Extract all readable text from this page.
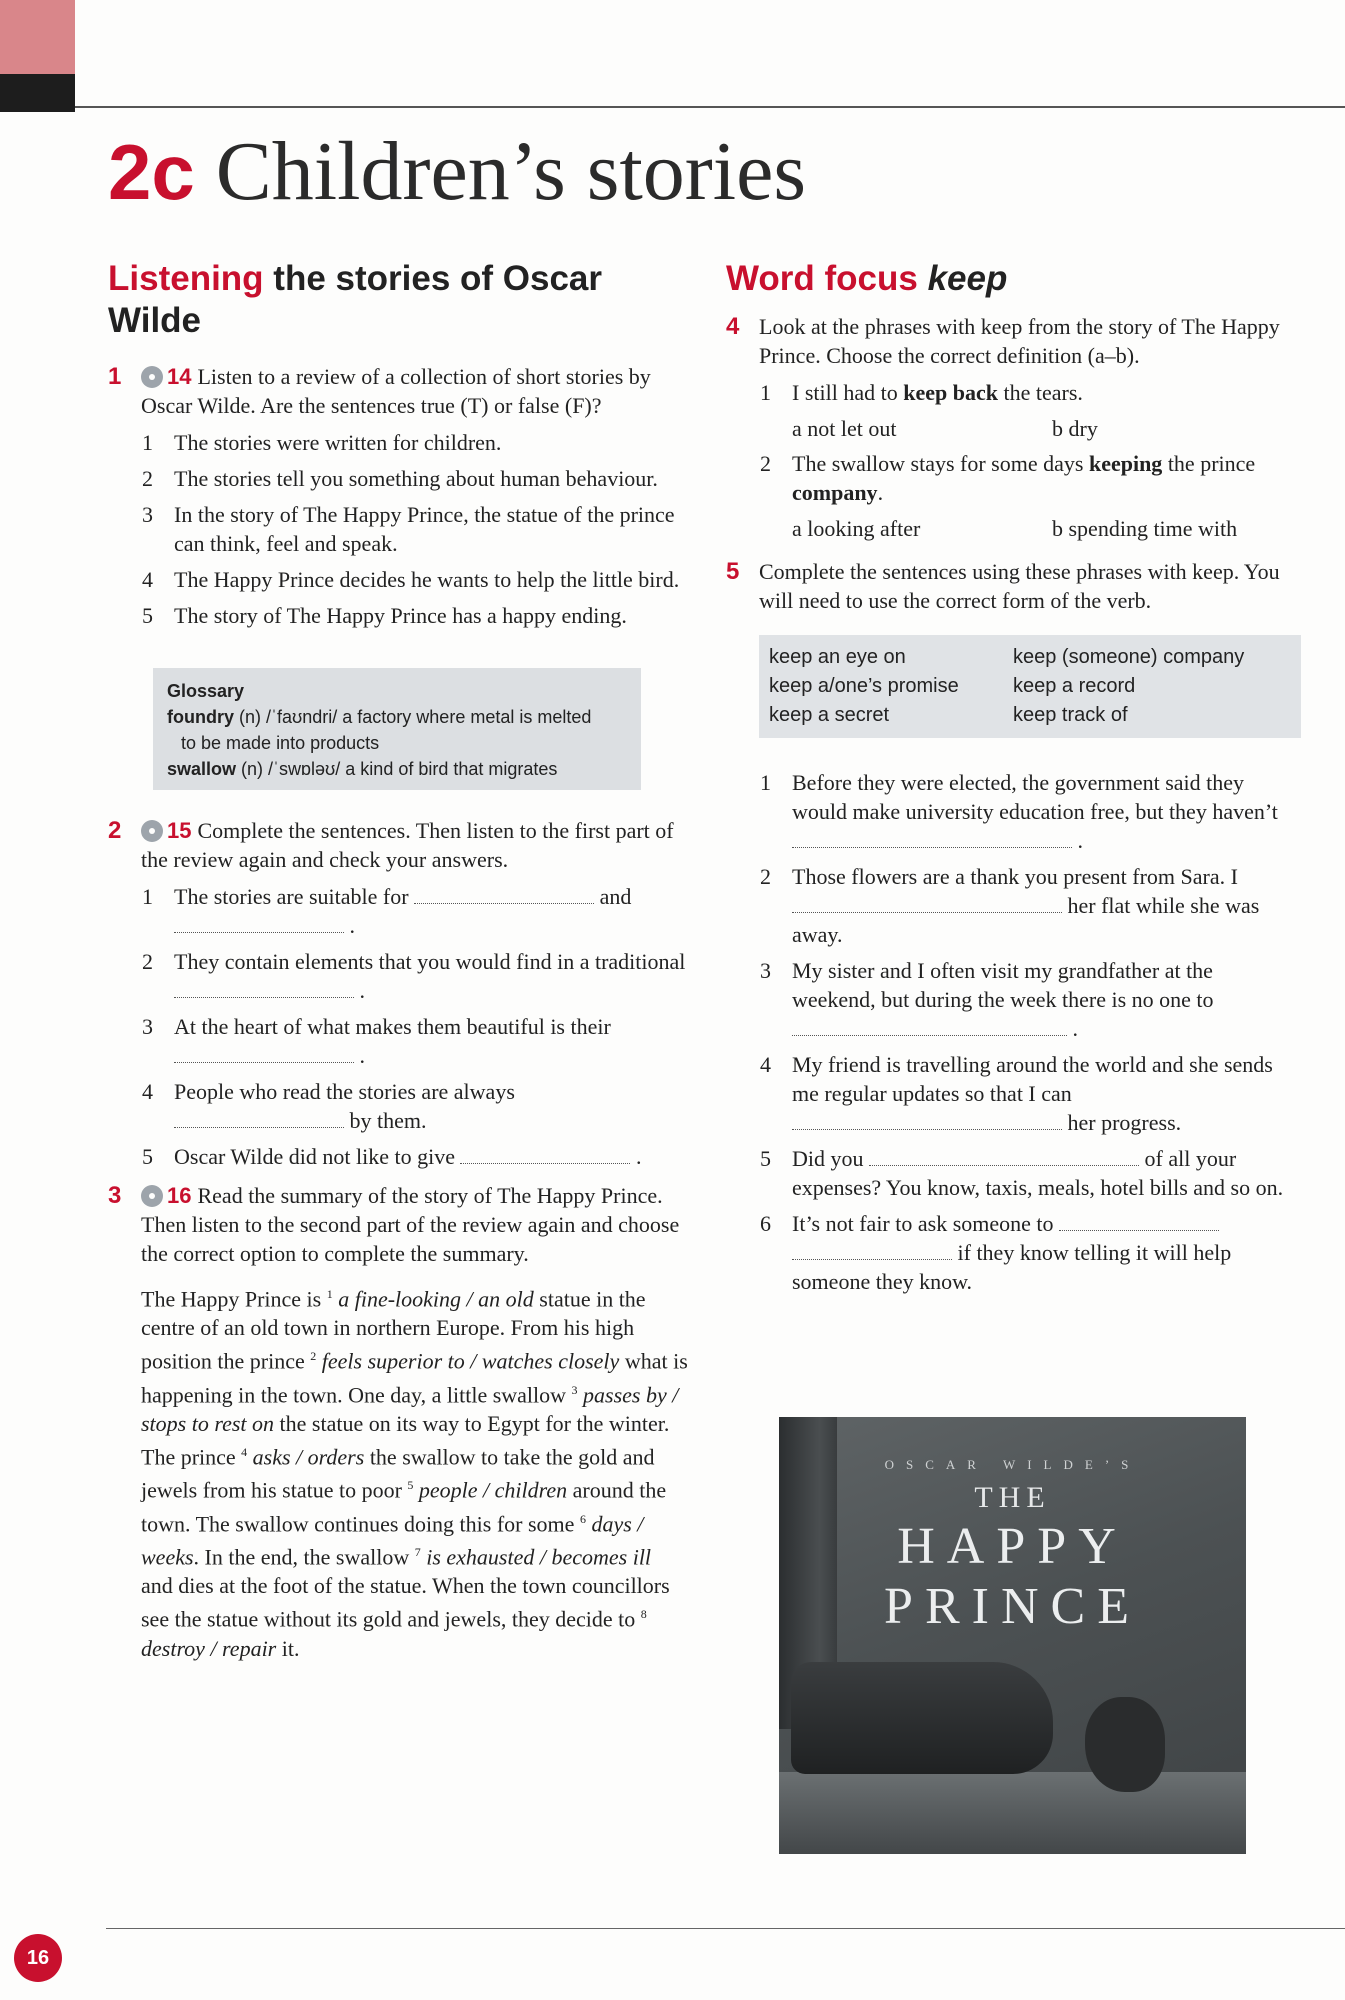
2c Children’s stories
Listening the stories of Oscar Wilde
1 14 Listen to a review of a collection of short stories by Oscar Wilde. Are the sentences true (T) or false (F)?
1 The stories were written for children.
2 The stories tell you something about human behaviour.
3 In the story of The Happy Prince, the statue of the prince can think, feel and speak.
4 The Happy Prince decides he wants to help the little bird.
5 The story of The Happy Prince has a happy ending.
Glossary
foundry (n) /ˈfaʊndri/ a factory where metal is melted
to be made into products
swallow (n) /ˈswɒləʊ/ a kind of bird that migrates
2 15 Complete the sentences. Then listen to the first part of the review again and check your answers.
1 The stories are suitable for	and
.
2 They contain elements that you would find in a traditional  .
3 At the heart of what makes them beautiful is their  .
4 People who read the stories are always
by them.
5 Oscar Wilde did not like to give	.
3 16 Read the summary of the story of The Happy Prince. Then listen to the second part of the review again and choose the correct option to complete the summary.
The Happy Prince is $^1$ a fine-looking / an old statue in the centre of an old town in northern Europe. From his high position the prince $^2$ feels superior to / watches closely what is happening in the town. One day, a little swallow $^3$ passes by / stops to rest on the statue on its way to Egypt for the winter. The prince $^4$ asks / orders the swallow to take the gold and jewels from his statue to poor $^5$ people / children around the town. The swallow continues doing this for some $^6$ days / weeks. In the end, the swallow $^7$ is exhausted / becomes ill and dies at the foot of the statue. When the town councillors see the statue without its gold and jewels, they decide to $^8$ destroy / repair it.
Word focus keep
4 Look at the phrases with keep from the story of The Happy Prince. Choose the correct definition (a–b).
1 I still had to keep back the tears.
a not let out	b dry
2 The swallow stays for some days keeping the prince company.
a looking after	b spending time with
5 Complete the sentences using these phrases with keep. You will need to use the correct form of the verb.
keep an eye on	keep (someone) company
keep a/one’s promise	keep a record
keep a secret	keep track of
1 Before they were elected, the government said they would make university education free, but they haven’t  .
2 Those flowers are a thank you present from Sara. I  her flat while she was away.
3 My sister and I often visit my grandfather at the weekend, but during the week there is no one to  .
4 My friend is travelling around the world and she sends me regular updates so that I can
her progress.
5 Did you	of all your expenses? You know, taxis, meals, hotel bills and so on.
6 It’s not fair to ask someone to
if they know telling it will help someone they know.
OSCAR WILDE’S
THE
HAPPY
PRINCE
16
